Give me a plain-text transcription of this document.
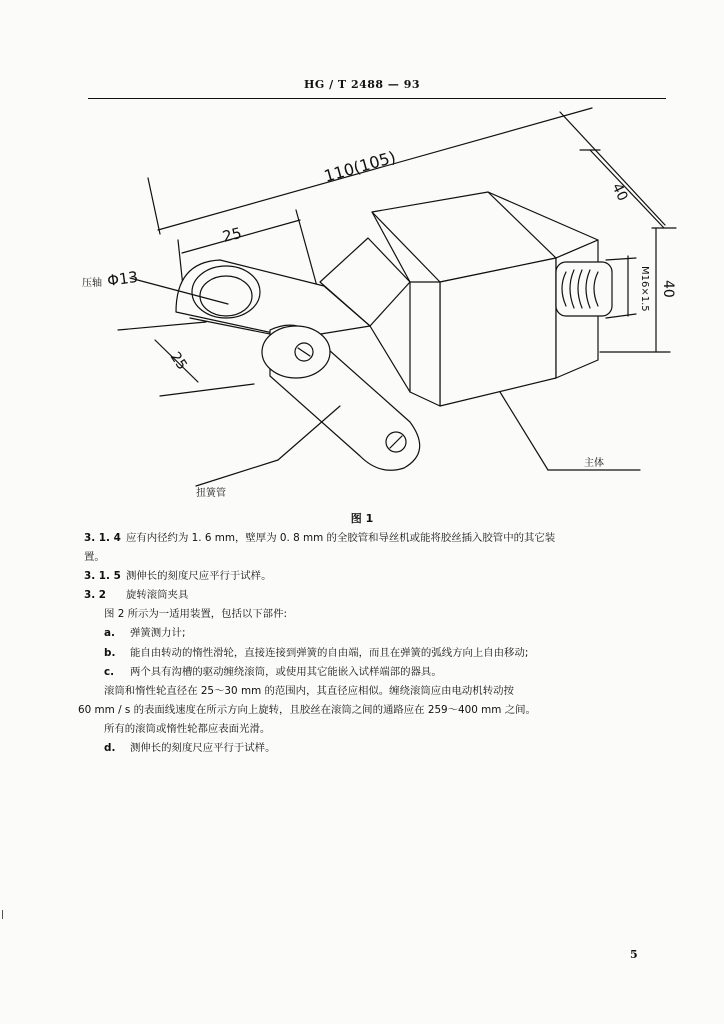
HG / T 2488 — 93
110(105)
25
25
40
40
M16×1.5
压轴 Φ13
扭簧管
主体
图 1

3. 1. 4 应有内径约为 1. 6 mm，壁厚为 0. 8 mm 的全胶管和导丝机或能将胶丝插入胶管中的其它装

置。

3. 1. 5 测伸长的刻度尺应平行于试样。

3. 2 旋转滚筒夹具

图 2 所示为一适用装置，包括以下部件:

a. 弹簧测力计;

b. 能自由转动的惰性滑轮，直接连接到弹簧的自由端，而且在弹簧的弧线方向上自由移动;

c. 两个具有沟槽的驱动缠绕滚筒，或使用其它能嵌入试样端部的器具。

滚筒和惰性轮直径在 25～30 mm 的范围内，其直径应相似。缠绕滚筒应由电动机转动按

60 mm / s 的表面线速度在所示方向上旋转，且胶丝在滚筒之间的通路应在 259～400 mm 之间。

所有的滚筒或惰性轮都应表面光滑。

d. 测伸长的刻度尺应平行于试样。

5
